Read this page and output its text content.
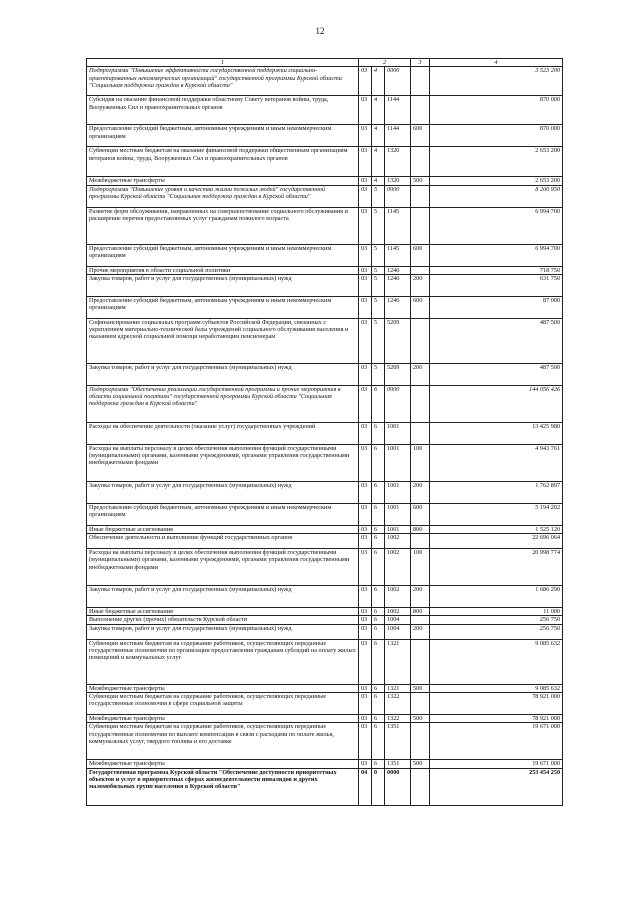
12
1	2			3	4
Подпрограмма "Повышение эффективности государственной поддержки социально-ориентированных некоммерческих организаций" государственной программы Курской области "Социальная поддержка граждан в Курской области"	03	4	0000		3 523 200
Субсидия на оказание финансовой поддержки областному Совету ветеранов войны, труда, Вооруженных Сил и правоохранительных органов	03	4	1144		870 000
Предоставление субсидий бюджетным, автономным учреждениям и иным некоммерческим организациям	03	4	1144	600	870 000
Субвенции местным бюджетам на оказание финансовой поддержки общественным организациям ветеранов войны, труда, Вооруженных Сил и правоохранительных органов	03	4	1320		2 653 200
Межбюджетные трансферты	03	4	1320	500	2 653 200
Подпрограмма "Повышение уровня и качества жизни пожилых людей" государственной программы Курской области "Социальная поддержка граждан в Курской области"	03	5	0000		8 200 950
Развитие форм обслуживания, направленных на совершенствование социального обслуживания и расширение перечня предоставляемых услуг гражданам пожилого возраста	03	5	1145		6 994 700
Предоставление субсидий бюджетным, автономным учреждениям и иным некоммерческим организациям	03	5	1145	600	6 994 700
Прочие мероприятия в области социальной политики	03	5	1246		718 750
Закупка товаров, работ и услуг для государственных (муниципальных) нужд	03	5	1246	200	631 750
Предоставление субсидий бюджетным, автономным учреждениям и иным некоммерческим организациям	03	5	1246	600	87 000
Софинансирование социальных программ субъектов Российской Федерации, связанных с укреплением материально-технической базы учреждений социального обслуживания населения и оказанием адресной социальной помощи неработающим пенсионерам	03	5	5209		487 500
Закупка товаров, работ и услуг для государственных (муниципальных) нужд	03	5	5209	200	487 500
Подпрограмма "Обеспечение реализации государственной программы и прочие мероприятия в области социальной политики" государственной программы Курской области "Социальная поддержка граждан в Курской области"	03	6	0000		144 056 426
Расходы на обеспечение деятельности (оказание услуг) государственных учреждений	03	6	1001		13 425 980
Расходы на выплаты персоналу в целях обеспечения выполнения функций государственными (муниципальными) органами, казенными учреждениями, органами управления государственными внебюджетными фондами	03	6	1001	100	4 943 761
Закупка товаров, работ и услуг для государственных (муниципальных) нужд	03	6	1001	200	1 762 897
Предоставление субсидий бюджетным, автономным учреждениям и иным некоммерческим организациям	03	6	1001	600	5 194 202
Иные бюджетные ассигнования	03	6	1001	800	1 525 120
Обеспечение деятельности и выполнение функций государственных органов	03	6	1002		22 696 064
Расходы на выплаты персоналу в целях обеспечения выполнения функций государственными (муниципальными) органами, казенными учреждениями, органами управления государственными внебюджетными фондами	03	6	1002	100	20 998 774
Закупка товаров, работ и услуг для государственных (муниципальных) нужд	03	6	1002	200	1 686 290
Иные бюджетные ассигнования	03	6	1002	800	11 000
Выполнение других (прочих) обязательств Курской области	03	6	1004		256 750
Закупка товаров, работ и услуг для государственных (муниципальных) нужд	03	6	1004	200	256 750
Субвенции местным бюджетам на содержание работников, осуществляющих переданные государственные полномочия по организации предоставления гражданам субсидий на оплату жилых помещений и коммунальных услуг	03	6	1321		9 085 632
Межбюджетные трансферты	03	6	1321	500	9 085 632
Субвенции местным бюджетам на содержание работников, осуществляющих переданные государственные полномочия в сфере социальной защиты	03	6	1322		78 921 000
Межбюджетные трансферты	03	6	1322	500	78 921 000
Субвенции местным бюджетам на содержание работников, осуществляющих переданные государственные полномочия по выплате компенсации в связи с расходами по оплате жилья, коммунальных услуг, твердого топлива и его доставке	03	6	1351		19 671 000
Межбюджетные трансферты	03	6	1351	500	19 671 000
Государственная программа Курской области "Обеспечение доступности приоритетных объектов и услуг в приоритетных сферах жизнедеятельности инвалидов и других маломобильных групп населения в Курской области"	04	0	0000		253 454 250
